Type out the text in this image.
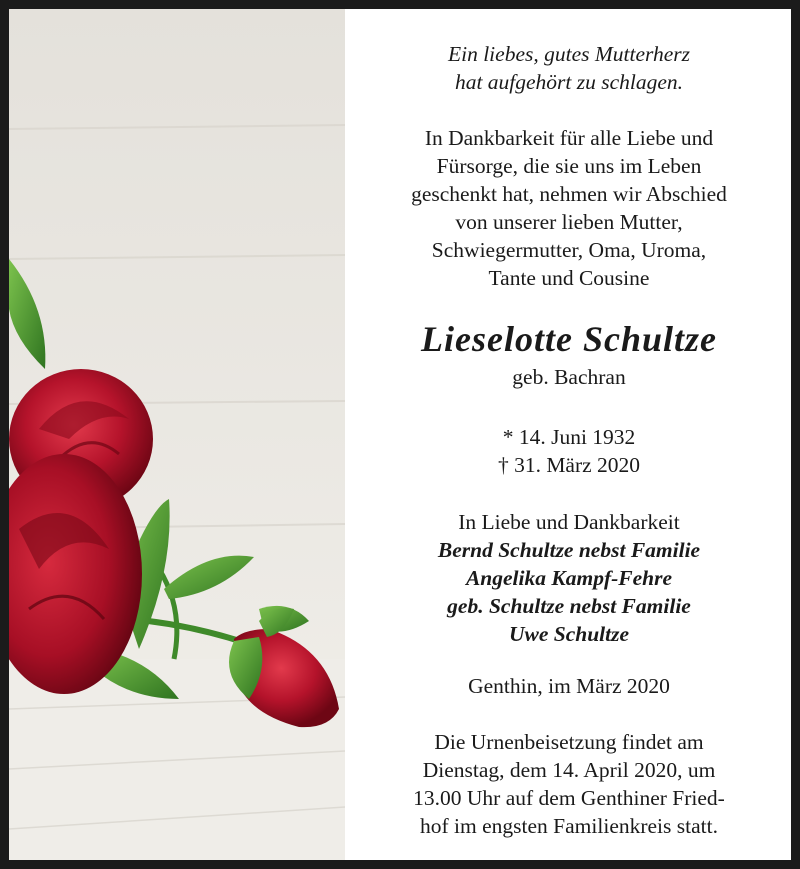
Ein liebes, gutes Mutterherz
hat aufgehört zu schlagen.
In Dankbarkeit für alle Liebe und
Fürsorge, die sie uns im Leben
geschenkt hat, nehmen wir Abschied
von unserer lieben Mutter,
Schwiegermutter, Oma, Uroma,
Tante und Cousine
Lieselotte Schultze
geb. Bachran
* 14. Juni 1932
† 31. März 2020
In Liebe und Dankbarkeit
Bernd Schultze nebst Familie
Angelika Kampf-Fehre
geb. Schultze nebst Familie
Uwe Schultze
Genthin, im März 2020
Die Urnenbeisetzung findet am
Dienstag, dem 14. April 2020, um
13.00 Uhr auf dem Genthiner Fried-
hof im engsten Familienkreis statt.
